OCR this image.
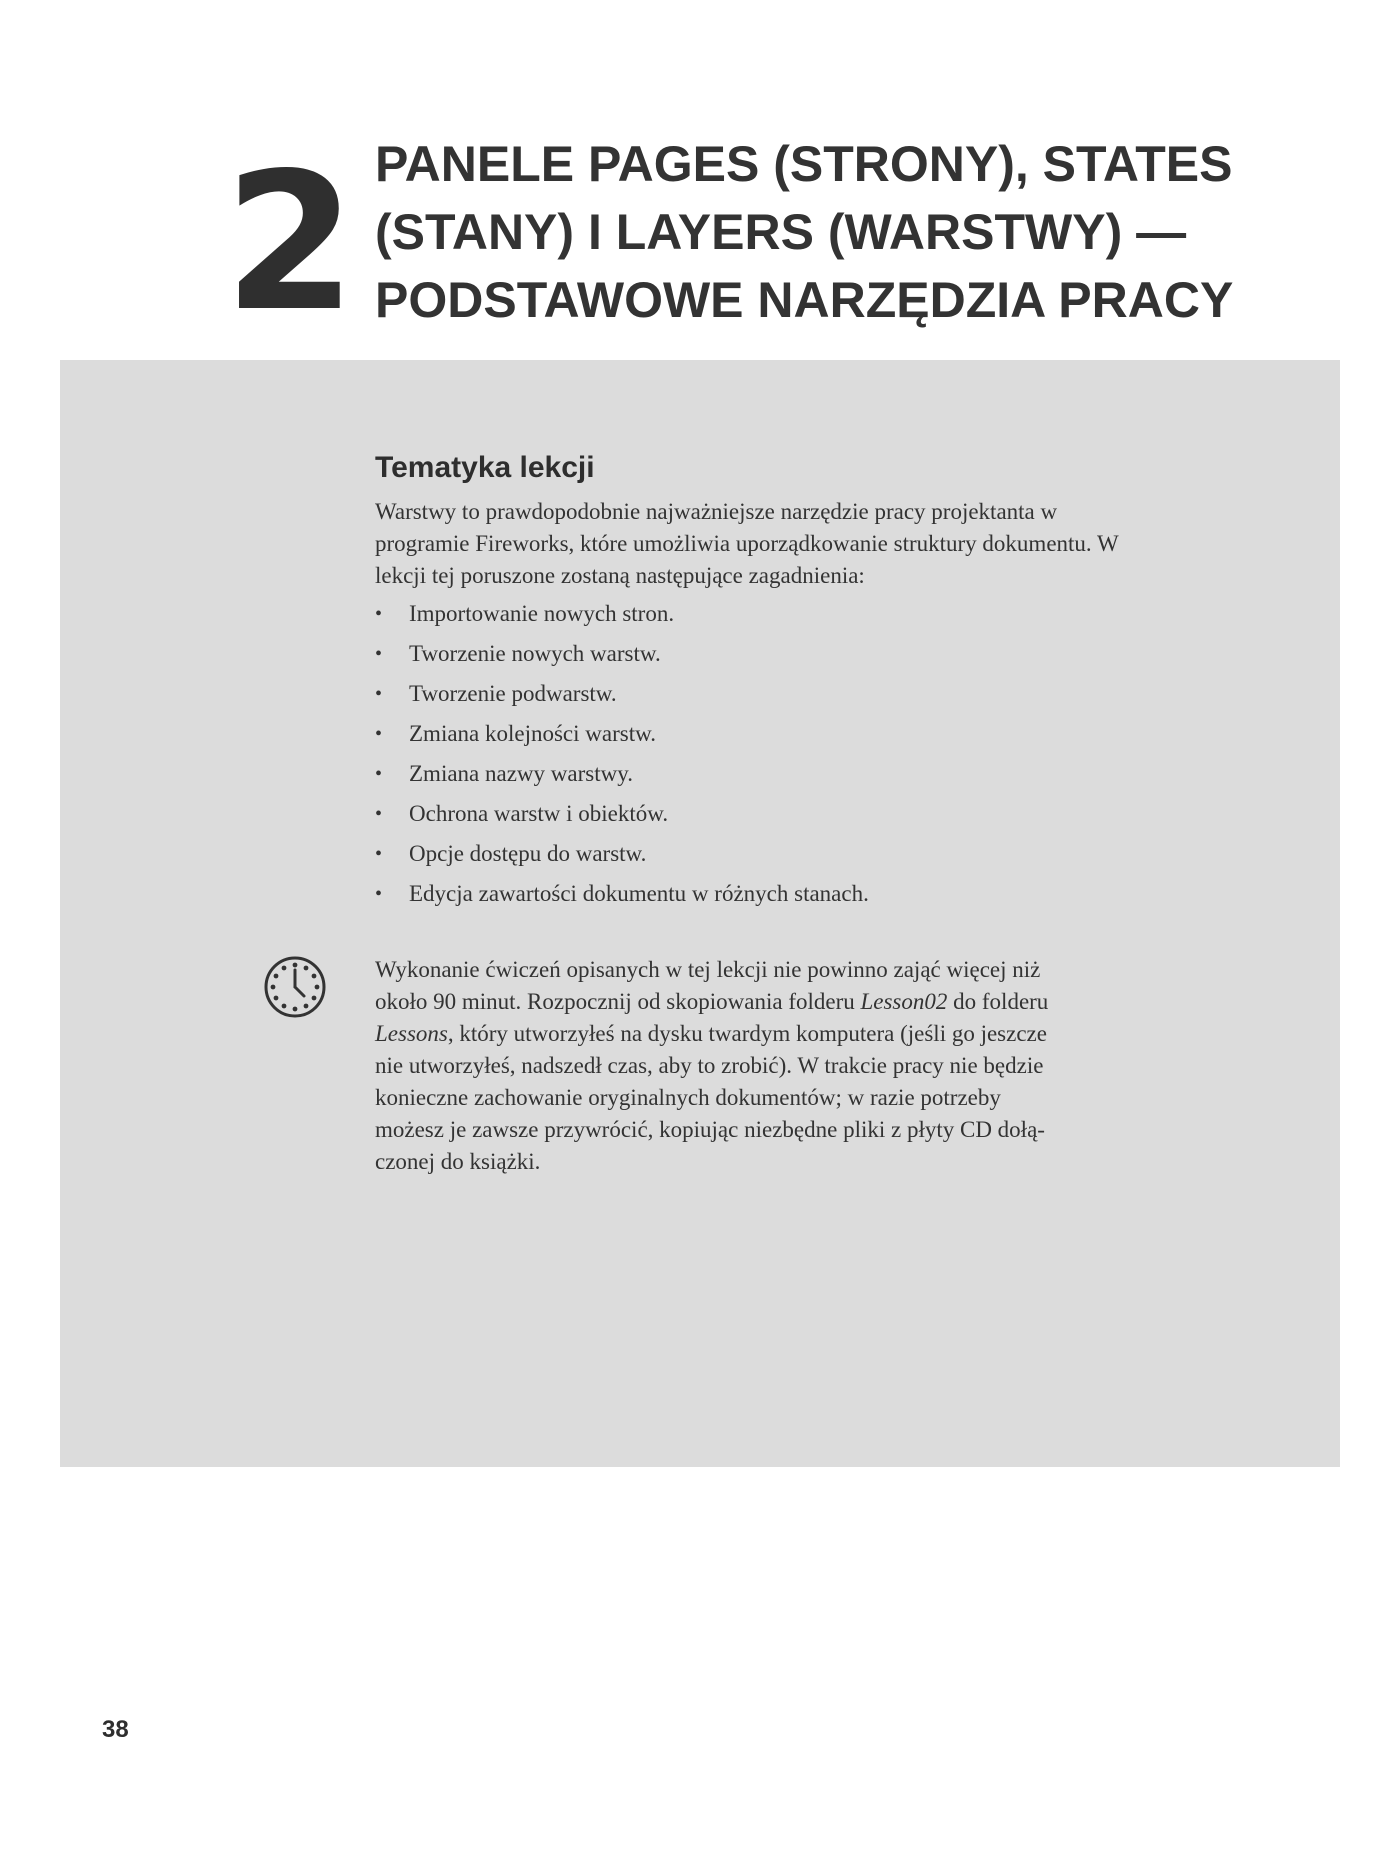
2 PANELE PAGES (STRONY), STATES
(STANY) I LAYERS (WARSTWY) —
PODSTAWOWE NARZĘDZIA PRACY
Tematyka lekcji

Warstwy to prawdopodobnie najważniejsze narzędzie pracy projektanta w programie Fireworks, które umożliwia uporządkowanie struktury dokumentu. W lekcji tej poruszone zostaną następujące zagadnienia:

• Importowanie nowych stron.
• Tworzenie nowych warstw.
• Tworzenie podwarstw.
• Zmiana kolejności warstw.
• Zmiana nazwy warstwy.
• Ochrona warstw i obiektów.
• Opcje dostępu do warstw.
• Edycja zawartości dokumentu w różnych stanach.

Wykonanie ćwiczeń opisanych w tej lekcji nie powinno zająć więcej niż
około 90 minut. Rozpocznij od skopiowania folderu Lesson02 do folderu
Lessons, który utworzyłeś na dysku twardym komputera (jeśli go jeszcze
nie utworzyłeś, nadszedł czas, aby to zrobić). W trakcie pracy nie będzie
konieczne zachowanie oryginalnych dokumentów; w razie potrzeby
możesz je zawsze przywrócić, kopiując niezbędne pliki z płyty CD dołą-
czonej do książki.

38
